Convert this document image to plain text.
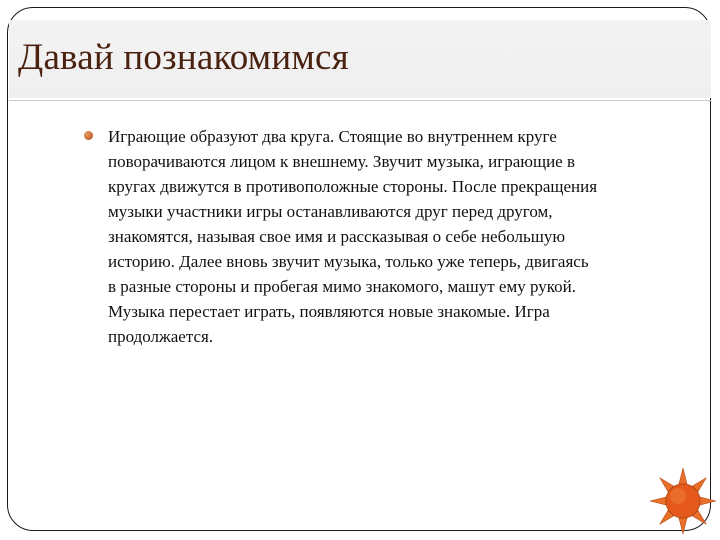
Давай познакомимся

Играющие образуют два круга. Стоящие во внутреннем круге
поворачиваются лицом к внешнему. Звучит музыка, играющие в
кругах движутся в противоположные стороны. После прекращения
музыки участники игры останавливаются друг перед другом,
знакомятся, называя свое имя и рассказывая о себе небольшую
историю. Далее вновь звучит музыка, только уже теперь, двигаясь
в разные стороны и пробегая мимо знакомого, машут ему рукой.
Музыка перестает играть, появляются новые знакомые. Игра
продолжается.
